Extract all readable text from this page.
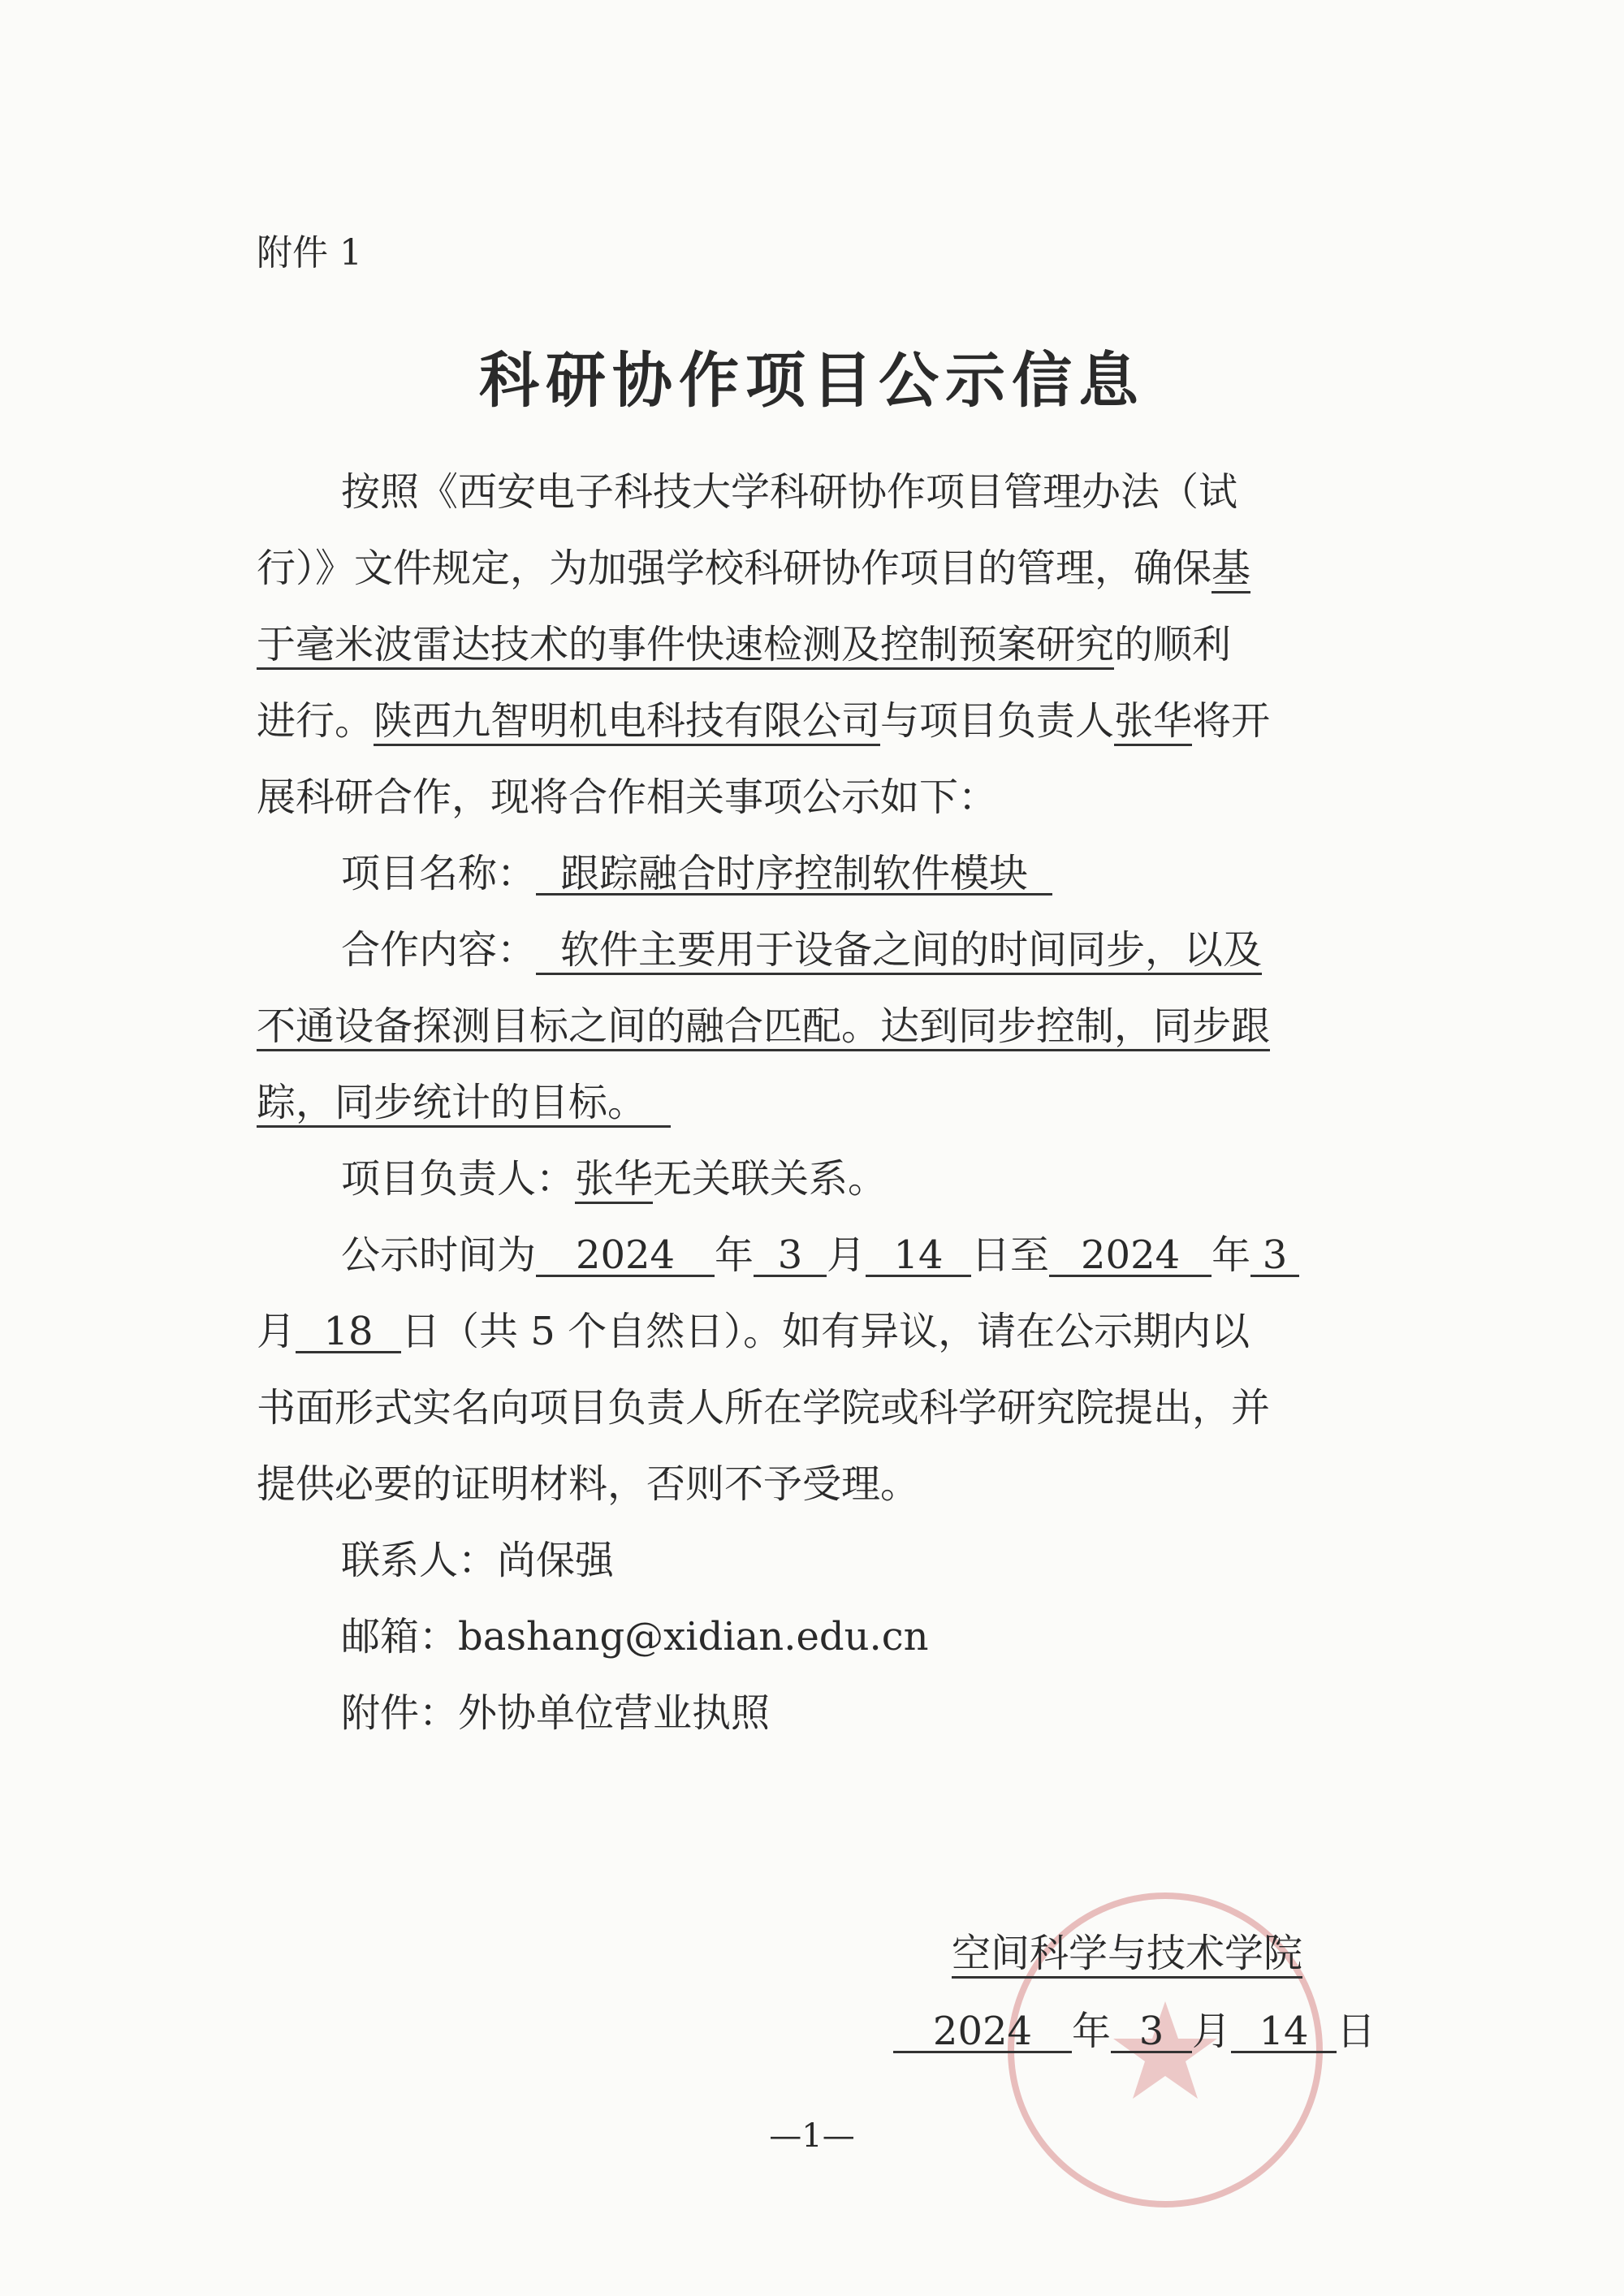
附件 1
科研协作项目公示信息
按照《西安电子科技大学科研协作项目管理办法（试
行）》文件规定，为加强学校科研协作项目的管理，确保基
于毫米波雷达技术的事件快速检测及控制预案研究的顺利
进行。陕西九智明机电科技有限公司与项目负责人张华将开
展科研合作，现将合作相关事项公示如下：
项目名称： 跟踪融合时序控制软件模块
合作内容： 软件主要用于设备之间的时间同步，以及
不通设备探测目标之间的融合匹配。达到同步控制，同步跟
踪，同步统计的目标。
项目负责人：张华无关联关系。
公示时间为 2024 年 3 月 14 日至 2024 年 3
月 18 日（共 5 个自然日）。如有异议，请在公示期内以
书面形式实名向项目负责人所在学院或科学研究院提出，并
提供必要的证明材料，否则不予受理。
联系人：尚保强
邮箱：bashang@xidian.edu.cn
附件：外协单位营业执照
空间科学与技术学院
2024 年 3 月 14 日
—1—
